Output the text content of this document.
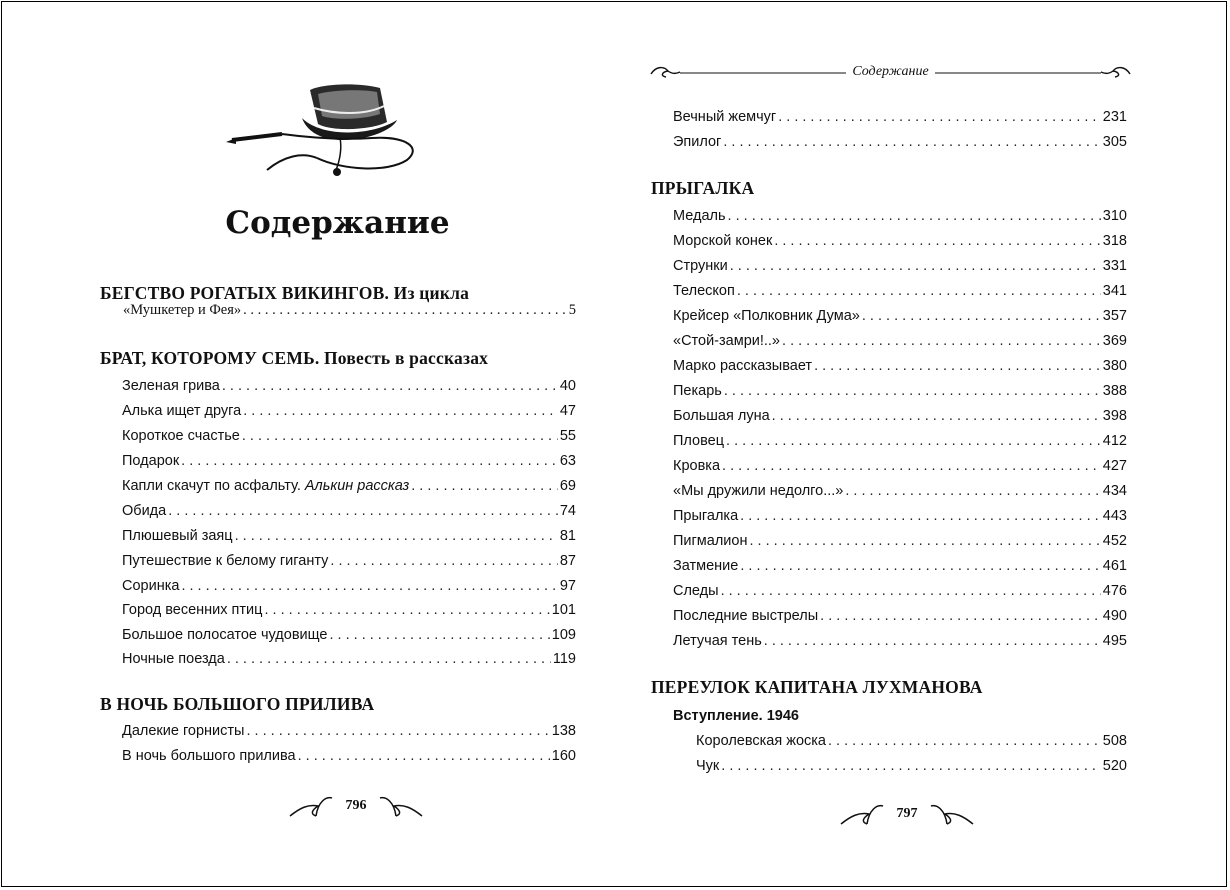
Содержание
БЕГСТВО РОГАТЫХ ВИКИНГОВ. Из цикла
«Мушкетер и Фея» . . .	5
БРАТ, КОТОРОМУ СЕМЬ. Повесть в рассказах
Зеленая грива . . .	40
Алька ищет друга . . .	47
Короткое счастье . . .	55
Подарок . . .	63
Капли скачут по асфальту. Алькин рассказ . . .	69
Обида . . .	74
Плюшевый заяц . . .	81
Путешествие к белому гиганту . . .	87
Соринка . . .	97
Город весенних птиц . . .	101
Большое полосатое чудовище . . .	109
Ночные поезда . . .	119
В НОЧЬ БОЛЬШОГО ПРИЛИВА
Далекие горнисты . . .	138
В ночь большого прилива . . .	160
796
Содержание
Вечный жемчуг . . .	231
Эпилог . . .	305
ПРЫГАЛКА
Медаль . . .	310
Морской конек . . .	318
Струнки . . .	331
Телескоп . . .	341
Крейсер «Полковник Дума» . . .	357
«Стой-замри!..» . . .	369
Марко рассказывает . . .	380
Пекарь . . .	388
Большая луна . . .	398
Пловец . . .	412
Кровка . . .	427
«Мы дружили недолго...» . . .	434
Прыгалка . . .	443
Пигмалион . . .	452
Затмение . . .	461
Следы . . .	476
Последние выстрелы . . .	490
Летучая тень . . .	495
ПЕРЕУЛОК КАПИТАНА ЛУХМАНОВА
Вступление. 1946
Королевская жоска . . .	508
Чук . . .	520
797
